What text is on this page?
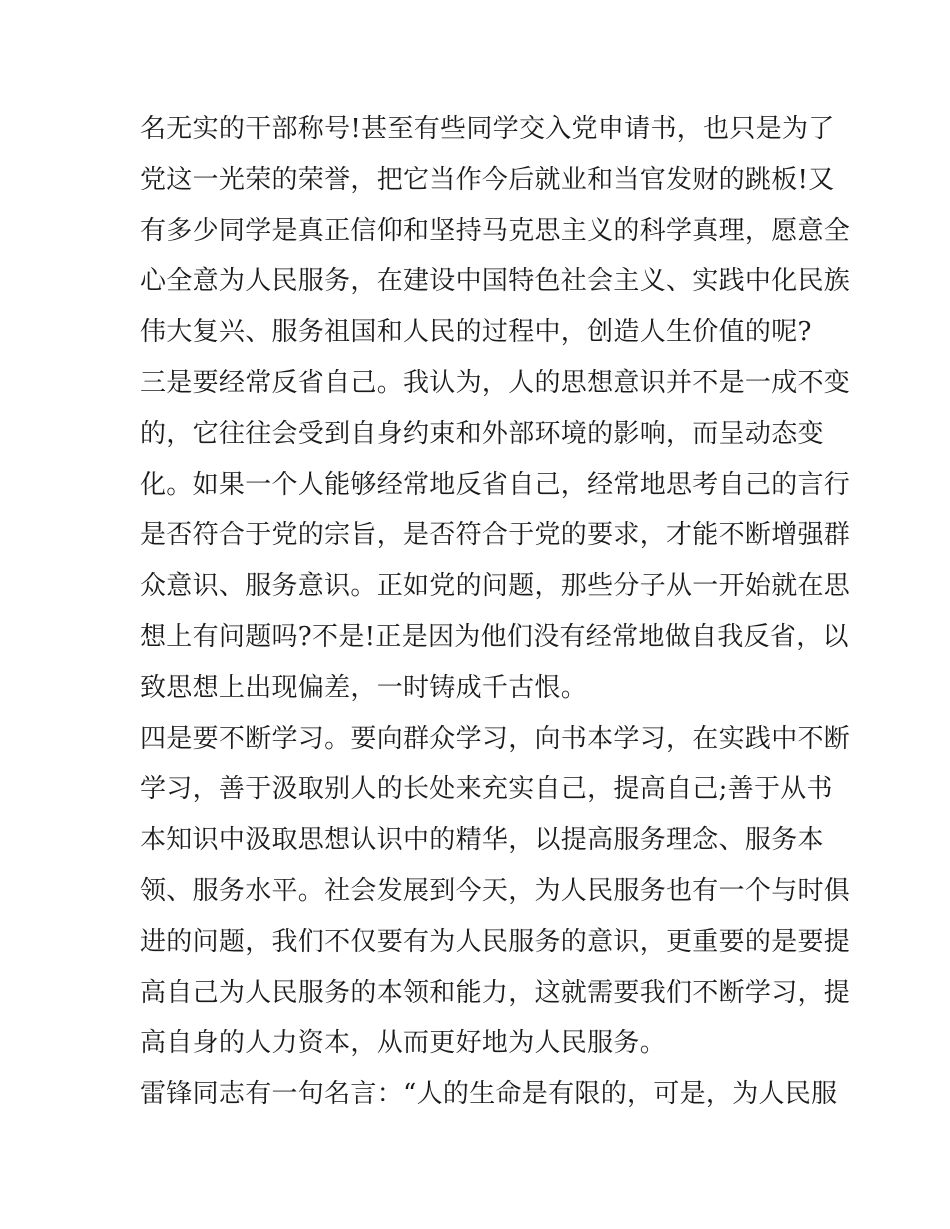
名无实的干部称号!甚至有些同学交入党申请书，也只是为了
党这一光荣的荣誉，把它当作今后就业和当官发财的跳板!又
有多少同学是真正信仰和坚持马克思主义的科学真理，愿意全
心全意为人民服务，在建设中国特色社会主义、实践中化民族
伟大复兴、服务祖国和人民的过程中，创造人生价值的呢?
三是要经常反省自己。我认为，人的思想意识并不是一成不变
的，它往往会受到自身约束和外部环境的影响，而呈动态变
化。如果一个人能够经常地反省自己，经常地思考自己的言行
是否符合于党的宗旨，是否符合于党的要求，才能不断增强群
众意识、服务意识。正如党的问题，那些分子从一开始就在思
想上有问题吗?不是!正是因为他们没有经常地做自我反省，以
致思想上出现偏差，一时铸成千古恨。
四是要不断学习。要向群众学习，向书本学习，在实践中不断
学习，善于汲取别人的长处来充实自己，提高自己;善于从书
本知识中汲取思想认识中的精华，以提高服务理念、服务本
领、服务水平。社会发展到今天，为人民服务也有一个与时俱
进的问题，我们不仅要有为人民服务的意识，更重要的是要提
高自己为人民服务的本领和能力，这就需要我们不断学习，提
高自身的人力资本，从而更好地为人民服务。
雷锋同志有一句名言：“人的生命是有限的，可是，为人民服
